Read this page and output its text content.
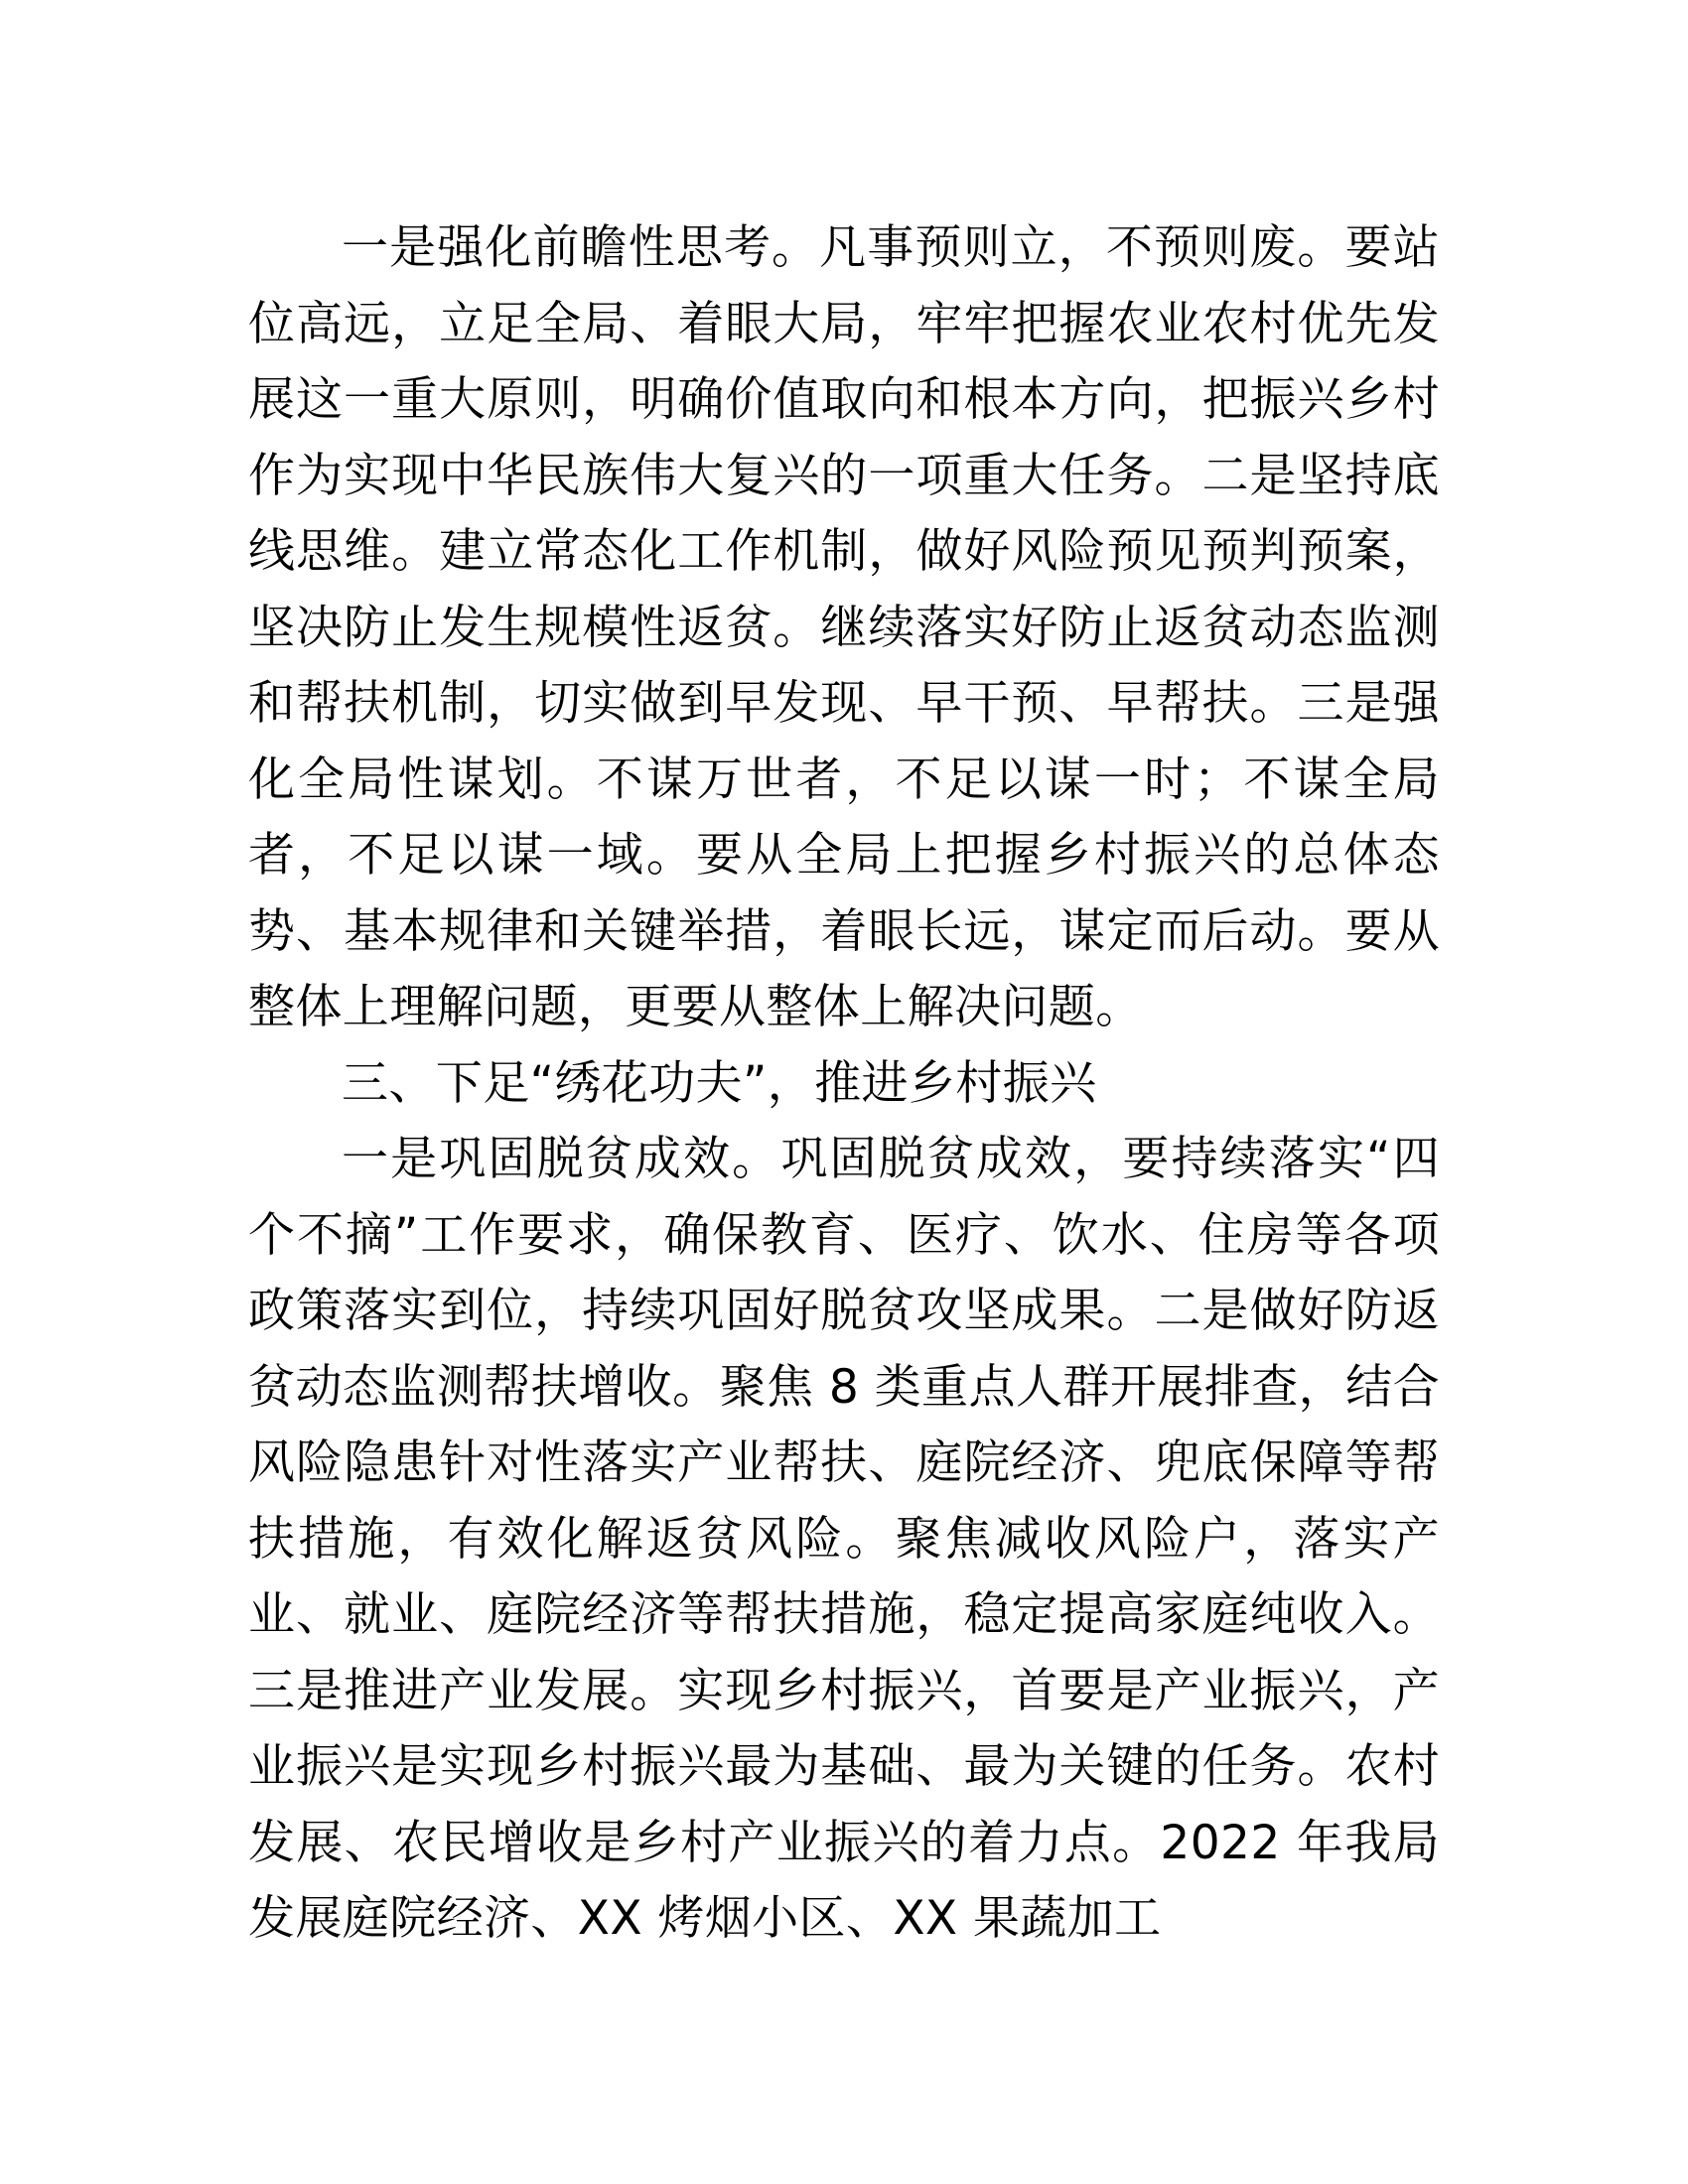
一是强化前瞻性思考。凡事预则立，不预则废。要站位高远，立足全局、着眼大局，牢牢把握农业农村优先发展这一重大原则，明确价值取向和根本方向，把振兴乡村作为实现中华民族伟大复兴的一项重大任务。二是坚持底线思维。建立常态化工作机制，做好风险预见预判预案，坚决防止发生规模性返贫。继续落实好防止返贫动态监测和帮扶机制，切实做到早发现、早干预、早帮扶。三是强化全局性谋划。不谋万世者，不足以谋一时；不谋全局者，不足以谋一域。要从全局上把握乡村振兴的总体态势、基本规律和关键举措，着眼长远，谋定而后动。要从整体上理解问题，更要从整体上解决问题。

三、下足“绣花功夫”，推进乡村振兴

一是巩固脱贫成效。巩固脱贫成效，要持续落实“四个不摘”工作要求，确保教育、医疗、饮水、住房等各项政策落实到位，持续巩固好脱贫攻坚成果。二是做好防返贫动态监测帮扶增收。聚焦 8 类重点人群开展排查，结合风险隐患针对性落实产业帮扶、庭院经济、兜底保障等帮扶措施，有效化解返贫风险。聚焦减收风险户，落实产业、就业、庭院经济等帮扶措施，稳定提高家庭纯收入。三是推进产业发展。实现乡村振兴，首要是产业振兴，产业振兴是实现乡村振兴最为基础、最为关键的任务。农村发展、农民增收是乡村产业振兴的着力点。2022 年我局发展庭院经济、XX 烤烟小区、XX 果蔬加工
